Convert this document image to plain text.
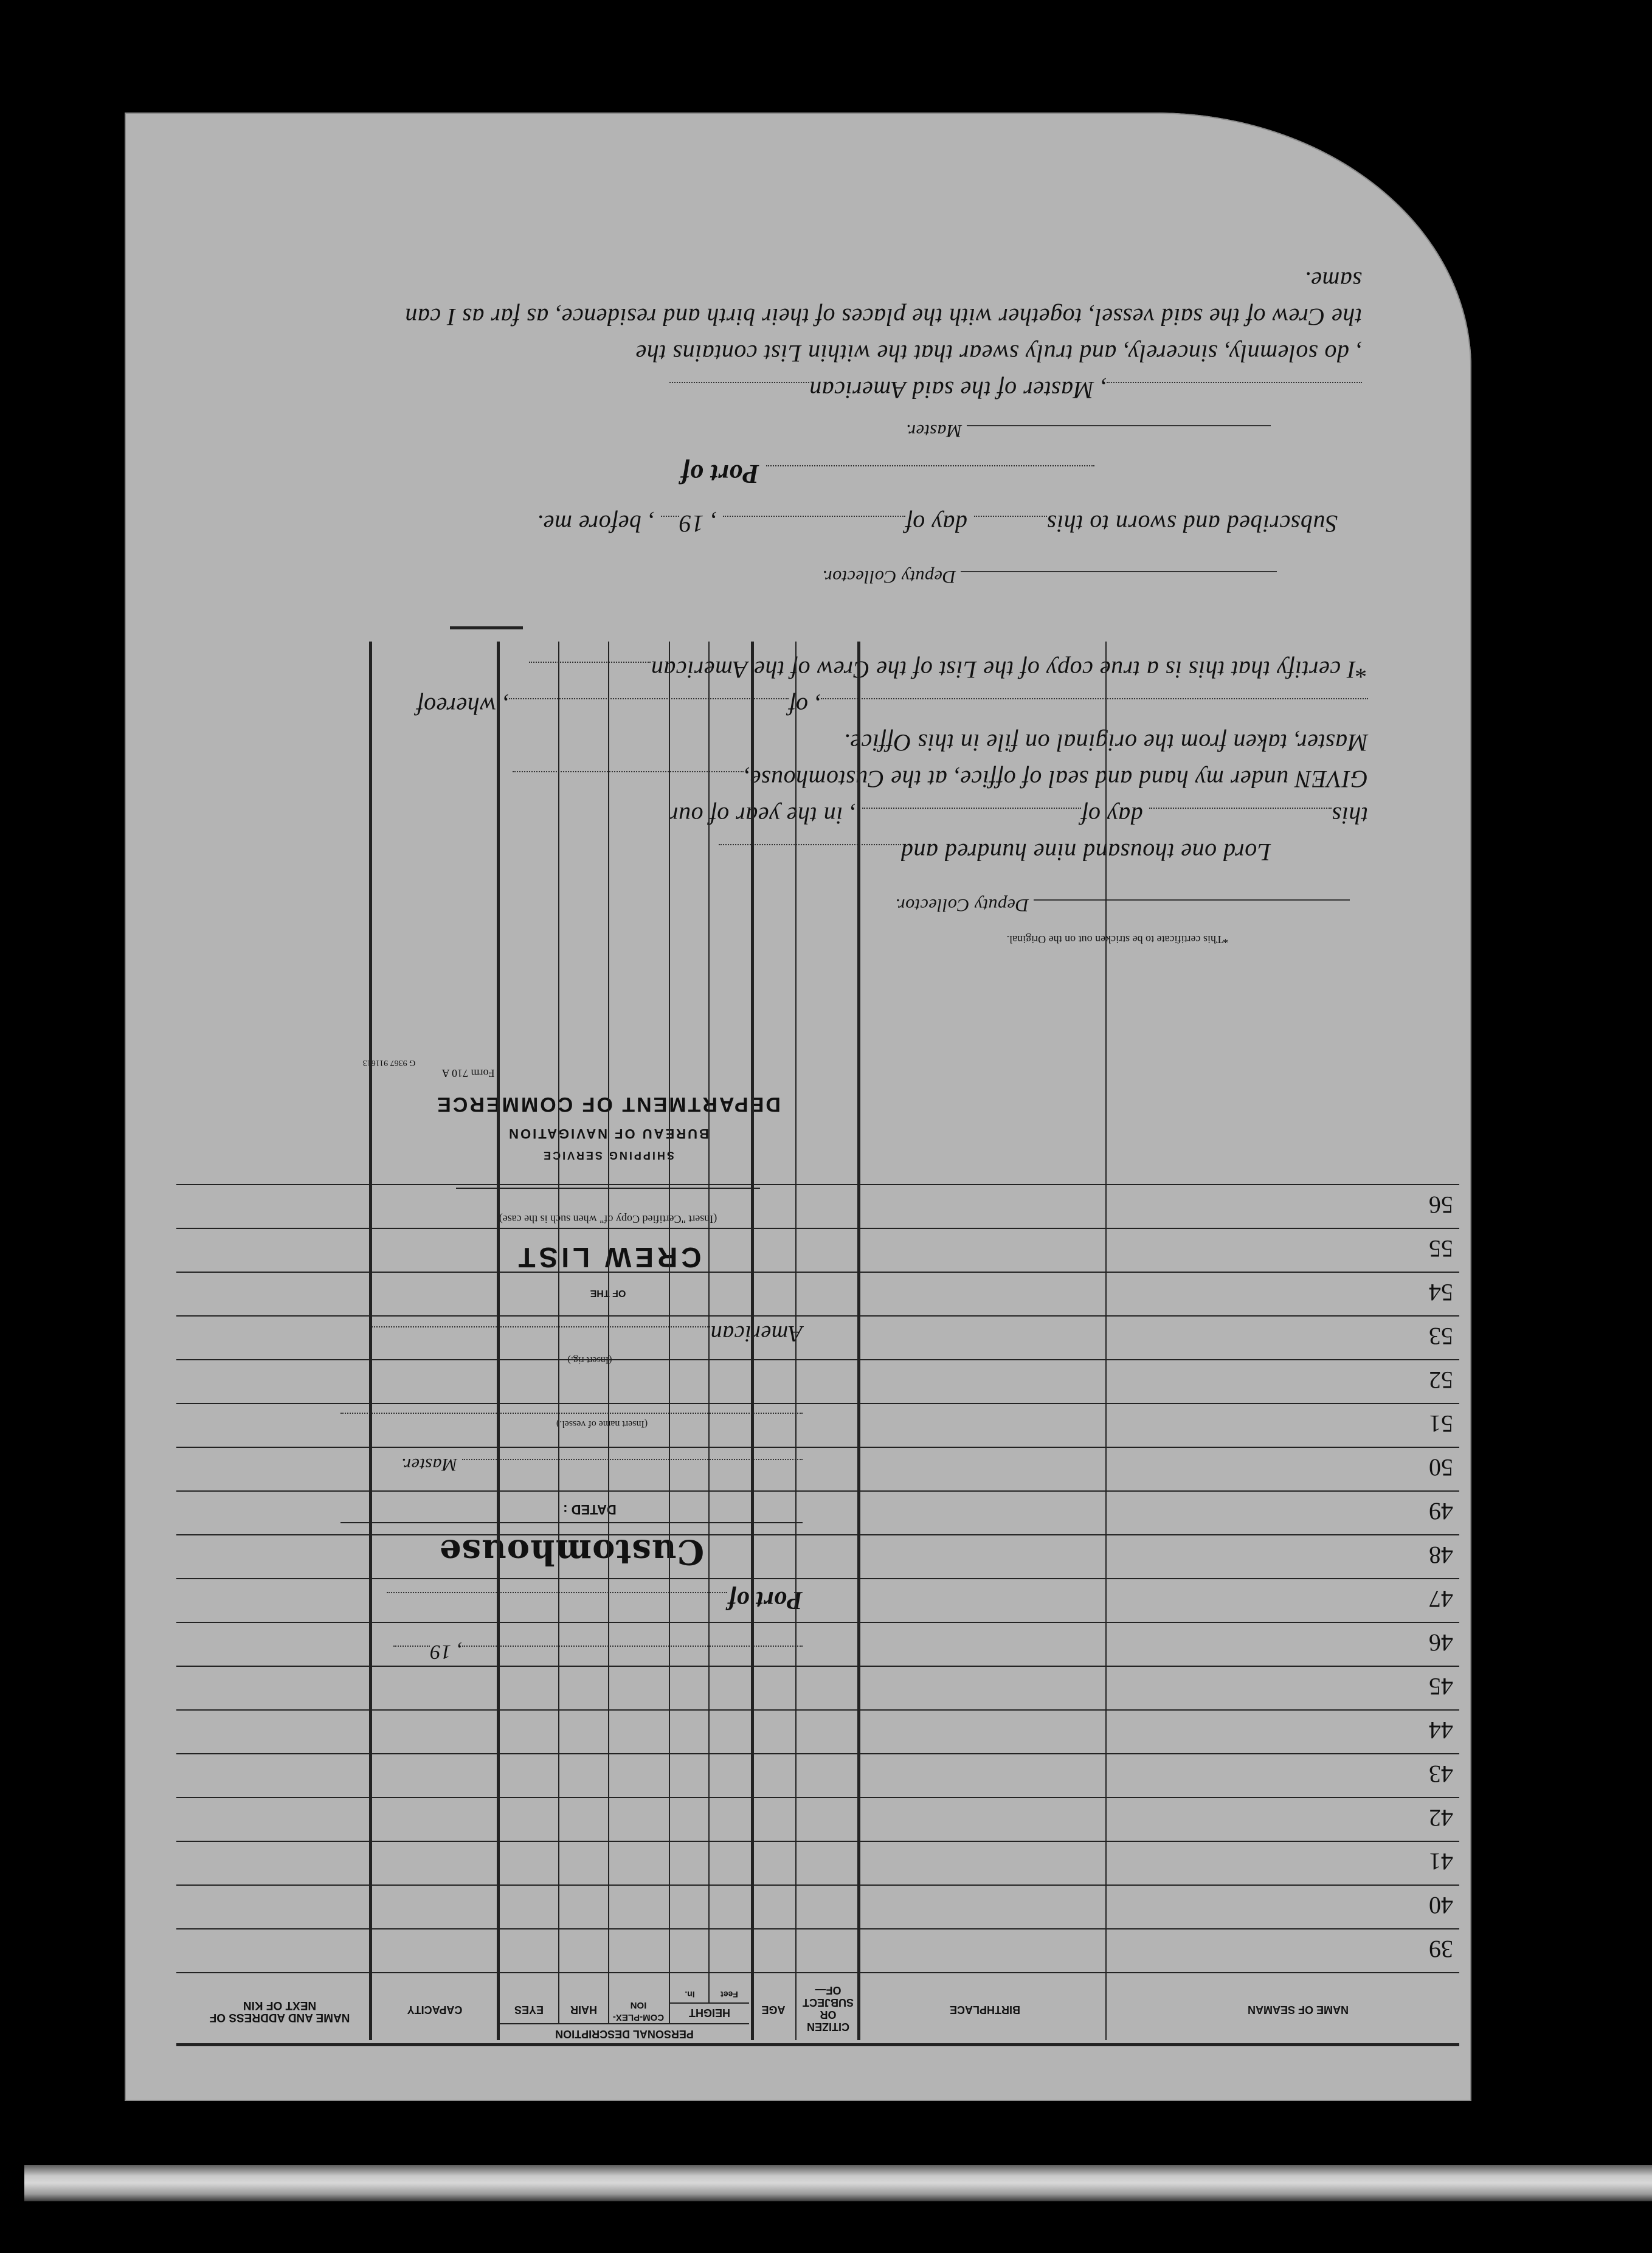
, Master of the said American
, do solemnly, sincerely, and truly swear that the within List contains the
the Crew of the said vessel, together with the places of their birth and residence, as far as I can
same.
Master.
Port of
Subscribed and sworn to this day of , 19 , before me.
Deputy Collector.
*I certify that this is a true copy of the List of the Crew of the American
, of, whereof
Master, taken from the original on file in this Office.
GIVEN under my hand and seal of office, at the Customhouse,
this day of , in the year of our
Lord one thousand nine hundred and
Deputy Collector.
*This certificate to be stricken out on the Original.
G 9367 911613
Form 710 A
DEPARTMENT OF COMMERCE
BUREAU OF NAVIGATION
SHIPPING SERVICE
(Insert "Certified Copy of" when such is the case)
CREW LIST
OF THE
American
(Insert rig.)
(Insert name of vessel.)
Master.
DATED :
Customhouse
Port of
, 19
NAME OF SEAMAN
BIRTHPLACE
CITIZEN OR SUBJECT OF—
AGE
PERSONAL DESCRIPTION
HEIGHT
Feet
In.
COM-PLEX-ION
HAIR
EYES
CAPACITY
NAME AND ADDRESS OF NEXT OF KIN
39
40
41
42
43
44
45
46
47
48
49
50
51
52
53
54
55
56
